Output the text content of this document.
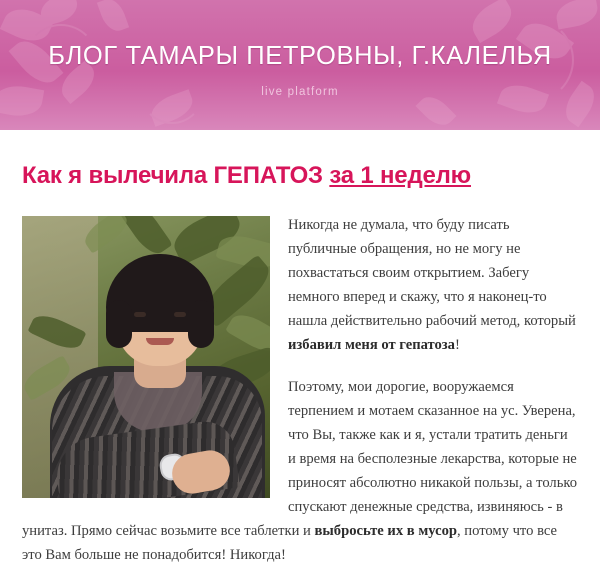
БЛОГ ТАМАРЫ ПЕТРОВНЫ, Г.КАЛЕЛЬЯ
live platform
Как я вылечила ГЕПАТОЗ за 1 неделю

Никогда не думала, что буду писать публичные обращения, но не могу не похвастаться своим открытием. Забегу немного вперед и скажу, что я наконец-то нашла действительно рабочий метод, который избавил меня от гепатоза!

Поэтому, мои дорогие, вооружаемся терпением и мотаем сказанное на ус. Уверена, что Вы, также как и я, устали тратить деньги и время на бесполезные лекарства, которые не приносят абсолютно никакой пользы, а только спускают денежные средства, извиняюсь - в унитаз. Прямо сейчас возьмите все таблетки и выбросьте их в мусор, потому что все это Вам больше не понадобится! Никогда!
